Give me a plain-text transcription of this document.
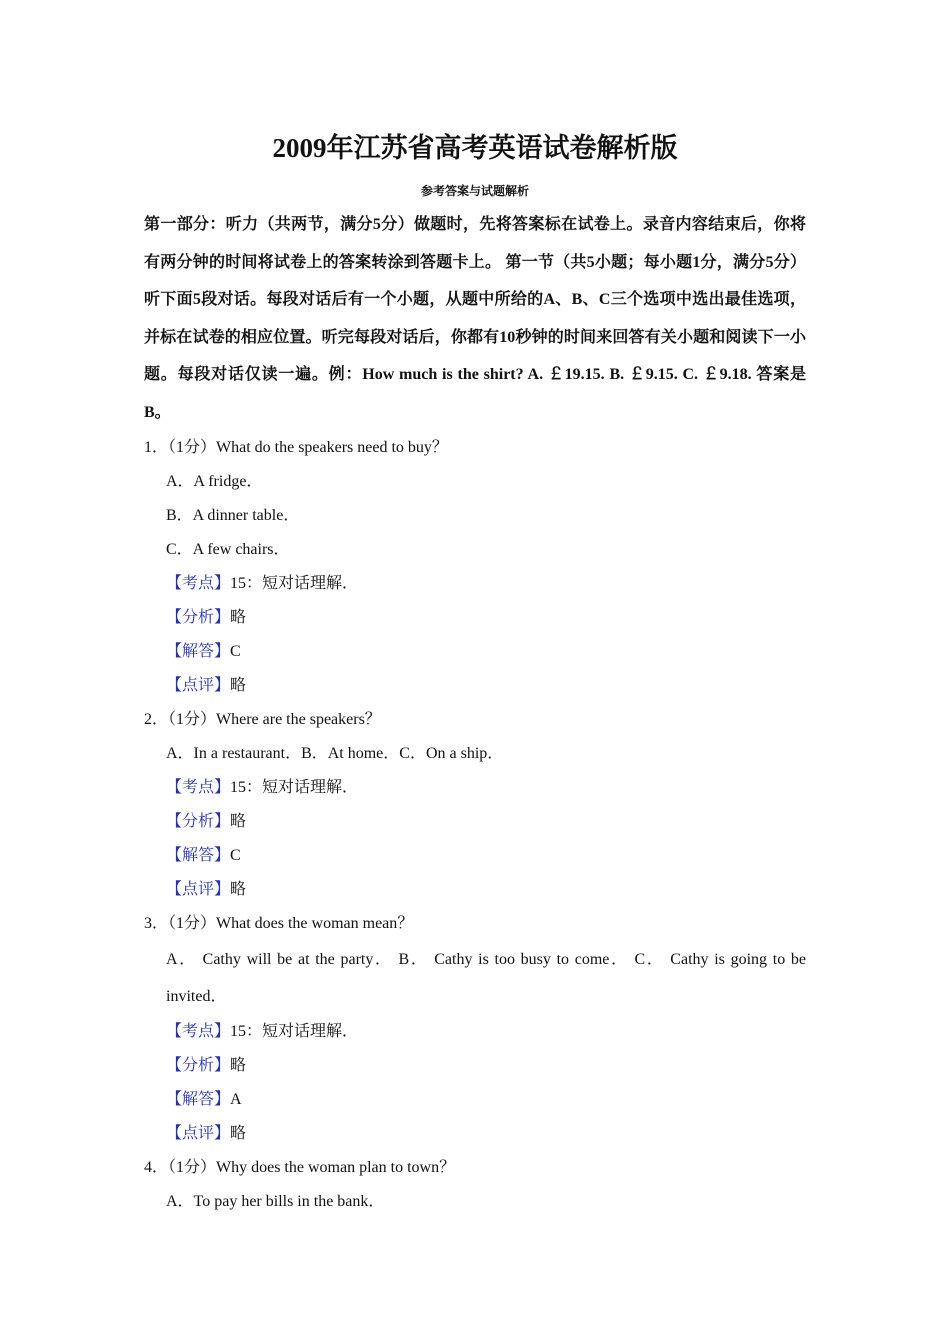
2009年江苏省高考英语试卷解析版

参考答案与试题解析

第一部分：听力（共两节，满分5分）做题时，先将答案标在试卷上。录音内容结束后，你将有两分钟的时间将试卷上的答案转涂到答题卡上。 第一节（共5小题；每小题1分，满分5分）听下面5段对话。每段对话后有一个小题，从题中所给的A、B、C三个选项中选出最佳选项，并标在试卷的相应位置。听完每段对话后，你都有10秒钟的时间来回答有关小题和阅读下一小题。每段对话仅读一遍。例：How much is the shirt? A. ￡19.15. B. ￡9.15. C. ￡9.18. 答案是B。

1．（1分）What do the speakers need to buy？

A．A fridge．

B．A dinner table．

C．A few chairs．

【考点】15：短对话理解．

【分析】略

【解答】C

【点评】略

2．（1分）Where are the speakers？

A．In a restaurant．B．At home．C．On a ship．

【考点】15：短对话理解．

【分析】略

【解答】C

【点评】略

3．（1分）What does the woman mean？

A． Cathy will be at the party． B． Cathy is too busy to come． C． Cathy is going to be invited．

【考点】15：短对话理解．

【分析】略

【解答】A

【点评】略

4．（1分）Why does the woman plan to town？

A．To pay her bills in the bank．
